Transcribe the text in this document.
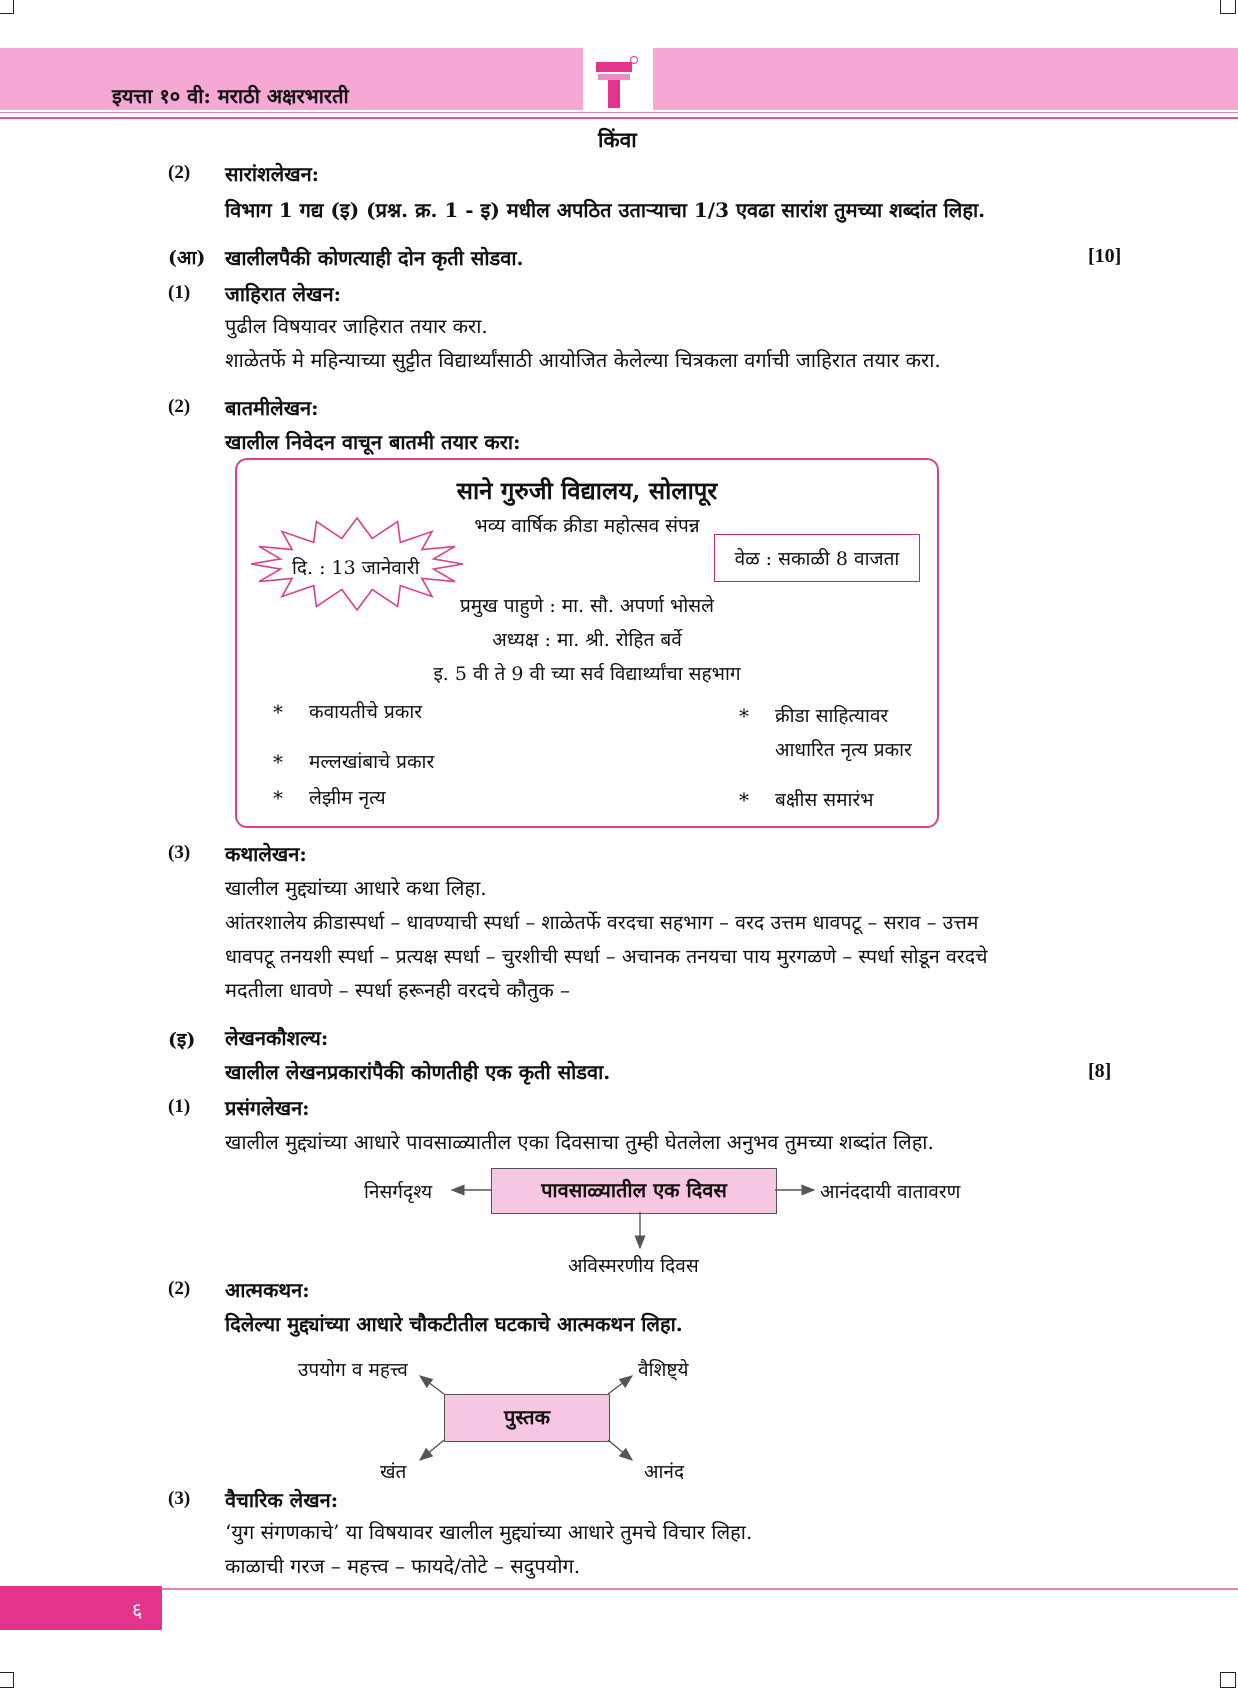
इयत्ता १० वी: मराठी अक्षरभारती
किंवा
(2) सारांशलेखन:
विभाग 1 गद्य (इ) (प्रश्न. क्र. 1 - इ) मधील अपठित उताऱ्याचा 1/3 एवढा सारांश तुमच्या शब्दांत लिहा.
(आ) खालीलपैकी कोणत्याही दोन कृती सोडवा.	[10]
(1) जाहिरात लेखन:
पुढील विषयावर जाहिरात तयार करा.
शाळेतर्फे मे महिन्याच्या सुट्टीत विद्यार्थ्यांसाठी आयोजित केलेल्या चित्रकला वर्गाची जाहिरात तयार करा.
(2) बातमीलेखन:
खालील निवेदन वाचून बातमी तयार करा:
साने गुरुजी विद्यालय, सोलापूर
भव्य वार्षिक क्रीडा महोत्सव संपन्न
प्रमुख पाहुणे : मा. सौ. अपर्णा भोसले
अध्यक्ष : मा. श्री. रोहित बर्वे
इ. 5 वी ते 9 वी च्या सर्व विद्यार्थ्यांचा सहभाग
* कवायतीचे प्रकार
* मल्लखांबाचे प्रकार
* लेझीम नृत्य
* क्रीडा साहित्यावर
आधारित नृत्य प्रकार
* बक्षीस समारंभ
दि. : 13 जानेवारी	वेळ : सकाळी 8 वाजता
(3) कथालेखन:
खालील मुद्द्यांच्या आधारे कथा लिहा.
आंतरशालेय क्रीडास्पर्धा – धावण्याची स्पर्धा – शाळेतर्फे वरदचा सहभाग – वरद उत्तम धावपटू – सराव – उत्तम
धावपटू तनयशी स्पर्धा – प्रत्यक्ष स्पर्धा – चुरशीची स्पर्धा – अचानक तनयचा पाय मुरगळणे – स्पर्धा सोडून वरदचे
मदतीला धावणे – स्पर्धा हरूनही वरदचे कौतुक –
(इ) लेखनकौशल्य:
खालील लेखनप्रकारांपैकी कोणतीही एक कृती सोडवा.	[8]
(1) प्रसंगलेखन:
खालील मुद्द्यांच्या आधारे पावसाळ्यातील एका दिवसाचा तुम्ही घेतलेला अनुभव तुमच्या शब्दांत लिहा.
पावसाळ्यातील एक दिवस
निसर्गदृश्य	आनंददायी वातावरण
अविस्मरणीय दिवस
(2) आत्मकथन:
दिलेल्या मुद्द्यांच्या आधारे चौकटीतील घटकाचे आत्मकथन लिहा.
पुस्तक
उपयोग व महत्त्व	वैशिष्ट्ये
खंत	आनंद
(3) वैचारिक लेखन:
‘युग संगणकाचे’ या विषयावर खालील मुद्द्यांच्या आधारे तुमचे विचार लिहा.
काळाची गरज – महत्त्व – फायदे/तोटे – सदुपयोग.
६
